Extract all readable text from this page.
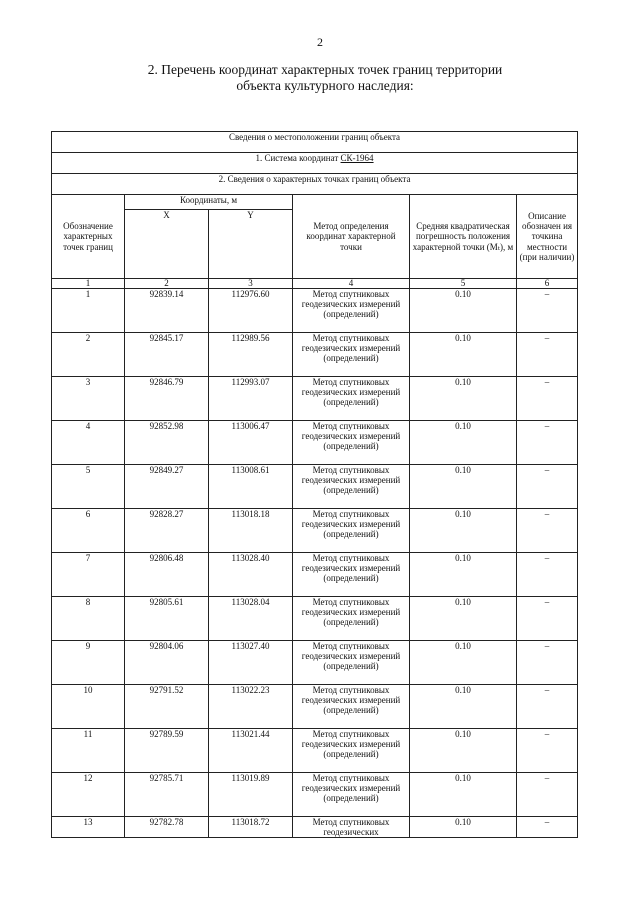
2
2. Перечень координат характерных точек границ территории
объекта культурного наследия:
Сведения о местоположении границ объекта					
1. Система координат СК-1964					
2. Сведения о характерных точках границ объекта					
Обозначение характерных точек границ	Координаты, м		Метод определения координат характерной точки	Средняя квадратическая погрешность положения характерной точки (Mₜ), м	Описание обозначен ия точкина местности (при наличии)
	X	Y			
1	2	3	4	5	6
1	92839.14	112976.60	Метод спутниковых геодезических измерений (определений)	0.10	–
2	92845.17	112989.56	Метод спутниковых геодезических измерений (определений)	0.10	–
3	92846.79	112993.07	Метод спутниковых геодезических измерений (определений)	0.10	–
4	92852.98	113006.47	Метод спутниковых геодезических измерений (определений)	0.10	–
5	92849.27	113008.61	Метод спутниковых геодезических измерений (определений)	0.10	–
6	92828.27	113018.18	Метод спутниковых геодезических измерений (определений)	0.10	–
7	92806.48	113028.40	Метод спутниковых геодезических измерений (определений)	0.10	–
8	92805.61	113028.04	Метод спутниковых геодезических измерений (определений)	0.10	–
9	92804.06	113027.40	Метод спутниковых геодезических измерений (определений)	0.10	–
10	92791.52	113022.23	Метод спутниковых геодезических измерений (определений)	0.10	–
11	92789.59	113021.44	Метод спутниковых геодезических измерений (определений)	0.10	–
12	92785.71	113019.89	Метод спутниковых геодезических измерений (определений)	0.10	–
13	92782.78	113018.72	Метод спутниковых геодезических	0.10	–
